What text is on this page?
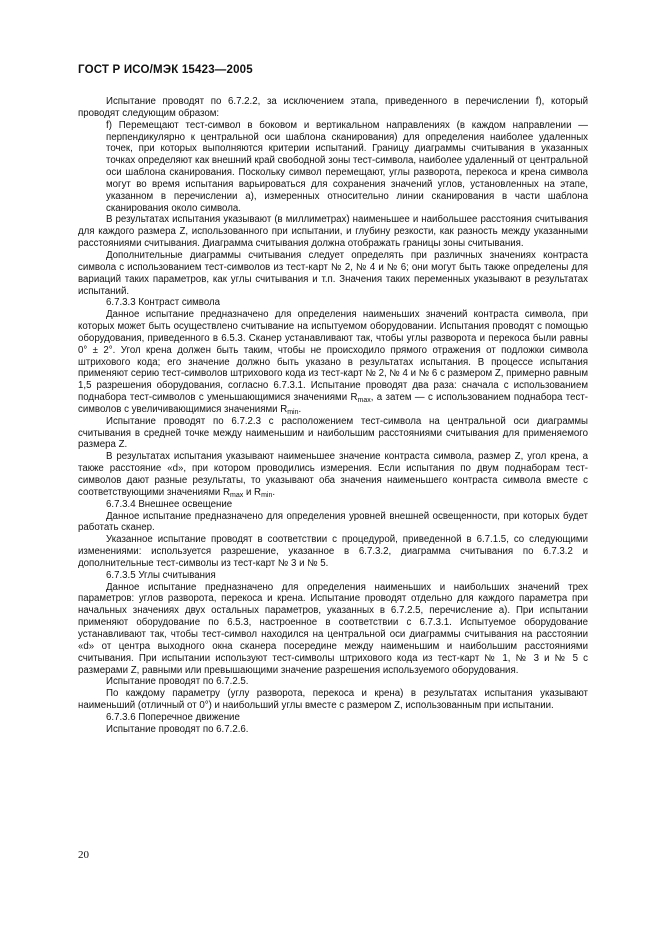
ГОСТ Р ИСО/МЭК 15423—2005

Испытание проводят по 6.7.2.2, за исключением этапа, приведенного в перечислении f), который проводят следующим образом:

f) Перемещают тест-символ в боковом и вертикальном направлениях (в каждом направлении — перпендикулярно к центральной оси шаблона сканирования) для определения наиболее удаленных точек, при которых выполняются критерии испытаний. Границу диаграммы считывания в указанных точках определяют как внешний край свободной зоны тест-символа, наиболее удаленный от центральной оси шаблона сканирования. Поскольку символ перемещают, углы разворота, перекоса и крена символа могут во время испытания варьироваться для сохранения значений углов, установленных на этапе, указанном в перечислении а), измеренных относительно линии сканирования в части шаблона сканирования около символа.

В результатах испытания указывают (в миллиметрах) наименьшее и наибольшее расстояния считывания для каждого размера Z, использованного при испытании, и глубину резкости, как разность между указанными расстояниями считывания. Диаграмма считывания должна отображать границы зоны считывания.

Дополнительные диаграммы считывания следует определять при различных значениях контраста символа с использованием тест-символов из тест-карт № 2, № 4 и № 6; они могут быть также определены для вариаций таких параметров, как углы считывания и т.п. Значения таких переменных указывают в результатах испытаний.

6.7.3.3 Контраст символа

Данное испытание предназначено для определения наименьших значений контраста символа, при которых может быть осуществлено считывание на испытуемом оборудовании. Испытания проводят с помощью оборудования, приведенного в 6.5.3. Сканер устанавливают так, чтобы углы разворота и перекоса были равны 0° ± 2°. Угол крена должен быть таким, чтобы не происходило прямого отражения от подложки символа штрихового кода; его значение должно быть указано в результатах испытания. В процессе испытания применяют серию тест-символов штрихового кода из тест-карт № 2, № 4 и № 6 с размером Z, примерно равным 1,5 разрешения оборудования, согласно 6.7.3.1. Испытание проводят два раза: сначала с использованием поднабора тест-символов с уменьшающимися значениями $R_{max}$, а затем — с использованием поднабора тест-символов с увеличивающимися значениями $R_{min}$.

Испытание проводят по 6.7.2.3 с расположением тест-символа на центральной оси диаграммы считывания в средней точке между наименьшим и наибольшим расстояниями считывания для применяемого размера Z.

В результатах испытания указывают наименьшее значение контраста символа, размер Z, угол крена, а также расстояние «d», при котором проводились измерения. Если испытания по двум поднаборам тест-символов дают разные результаты, то указывают оба значения наименьшего контраста символа вместе с соответствующими значениями $R_{max}$ и $R_{min}$.

6.7.3.4 Внешнее освещение

Данное испытание предназначено для определения уровней внешней освещенности, при которых будет работать сканер.

Указанное испытание проводят в соответствии с процедурой, приведенной в 6.7.1.5, со следующими изменениями: используется разрешение, указанное в 6.7.3.2, диаграмма считывания по 6.7.3.2 и дополнительные тест-символы из тест-карт № 3 и № 5.

6.7.3.5 Углы считывания

Данное испытание предназначено для определения наименьших и наибольших значений трех параметров: углов разворота, перекоса и крена. Испытание проводят отдельно для каждого параметра при начальных значениях двух остальных параметров, указанных в 6.7.2.5, перечисление а). При испытании применяют оборудование по 6.5.3, настроенное в соответствии с 6.7.3.1. Испытуемое оборудование устанавливают так, чтобы тест-символ находился на центральной оси диаграммы считывания на расстоянии «d» от центра выходного окна сканера посередине между наименьшим и наибольшим расстояниями считывания. При испытании используют тест-символы штрихового кода из тест-карт № 1, № 3 и № 5 с размерами Z, равными или превышающими значение разрешения используемого оборудования.

Испытание проводят по 6.7.2.5.

По каждому параметру (углу разворота, перекоса и крена) в результатах испытания указывают наименьший (отличный от 0°) и наибольший углы вместе с размером Z, использованным при испытании.

6.7.3.6 Поперечное движение

Испытание проводят по 6.7.2.6.

20
